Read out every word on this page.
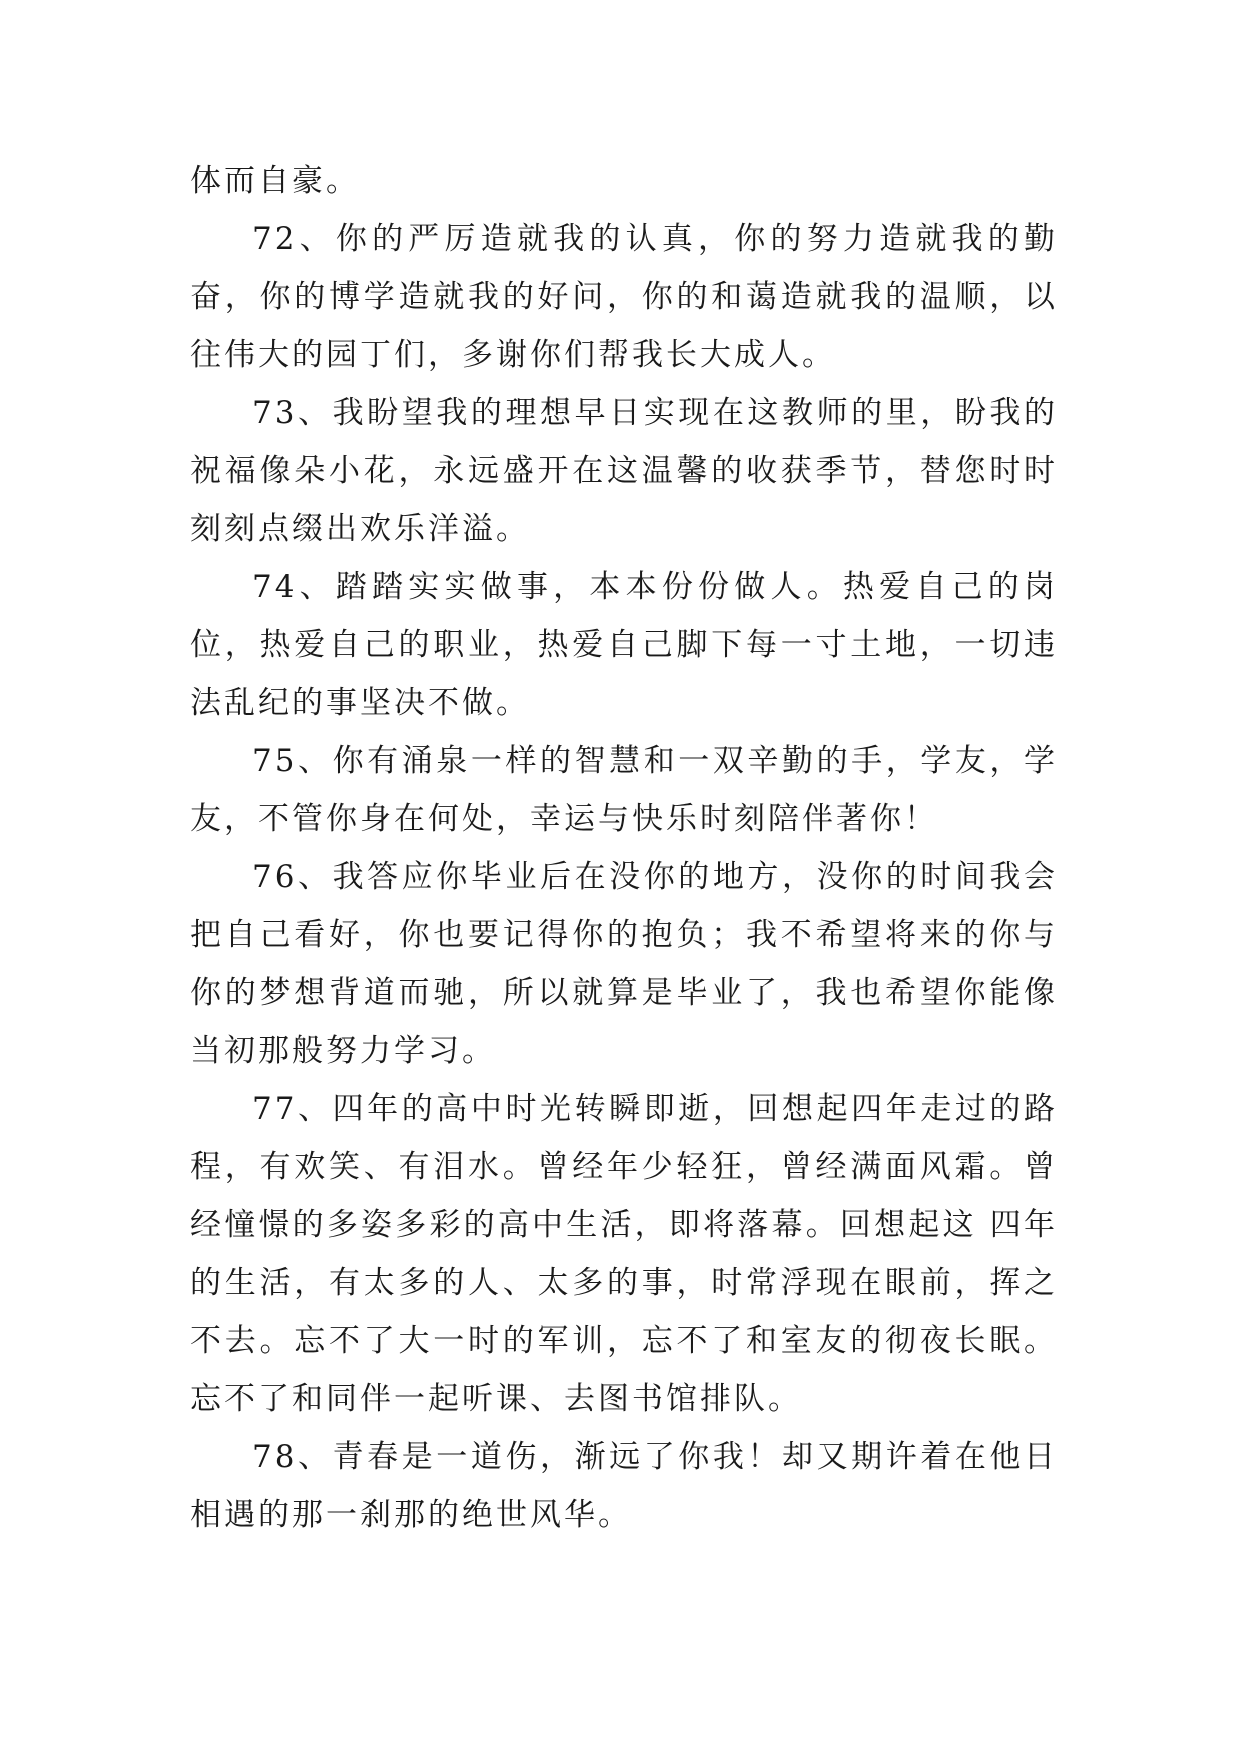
体而自豪。

72、你的严厉造就我的认真，你的努力造就我的勤奋，你的博学造就我的好问，你的和蔼造就我的温顺，以往伟大的园丁们，多谢你们帮我长大成人。

73、我盼望我的理想早日实现在这教师的里，盼我的祝福像朵小花，永远盛开在这温馨的收获季节，替您时时刻刻点缀出欢乐洋溢。

74、踏踏实实做事，本本份份做人。热爱自己的岗位，热爱自己的职业，热爱自己脚下每一寸土地，一切违法乱纪的事坚决不做。

75、你有涌泉一样的智慧和一双辛勤的手，学友，学友，不管你身在何处，幸运与快乐时刻陪伴著你！

76、我答应你毕业后在没你的地方，没你的时间我会把自己看好，你也要记得你的抱负；我不希望将来的你与你的梦想背道而驰，所以就算是毕业了，我也希望你能像当初那般努力学习。

77、四年的高中时光转瞬即逝，回想起四年走过的路程，有欢笑、有泪水。曾经年少轻狂，曾经满面风霜。曾经憧憬的多姿多彩的高中生活，即将落幕。回想起这 四年的生活，有太多的人、太多的事，时常浮现在眼前，挥之不去。忘不了大一时的军训，忘不了和室友的彻夜长眠。忘不了和同伴一起听课、去图书馆排队。

78、青春是一道伤，渐远了你我！却又期许着在他日相遇的那一刹那的绝世风华。
